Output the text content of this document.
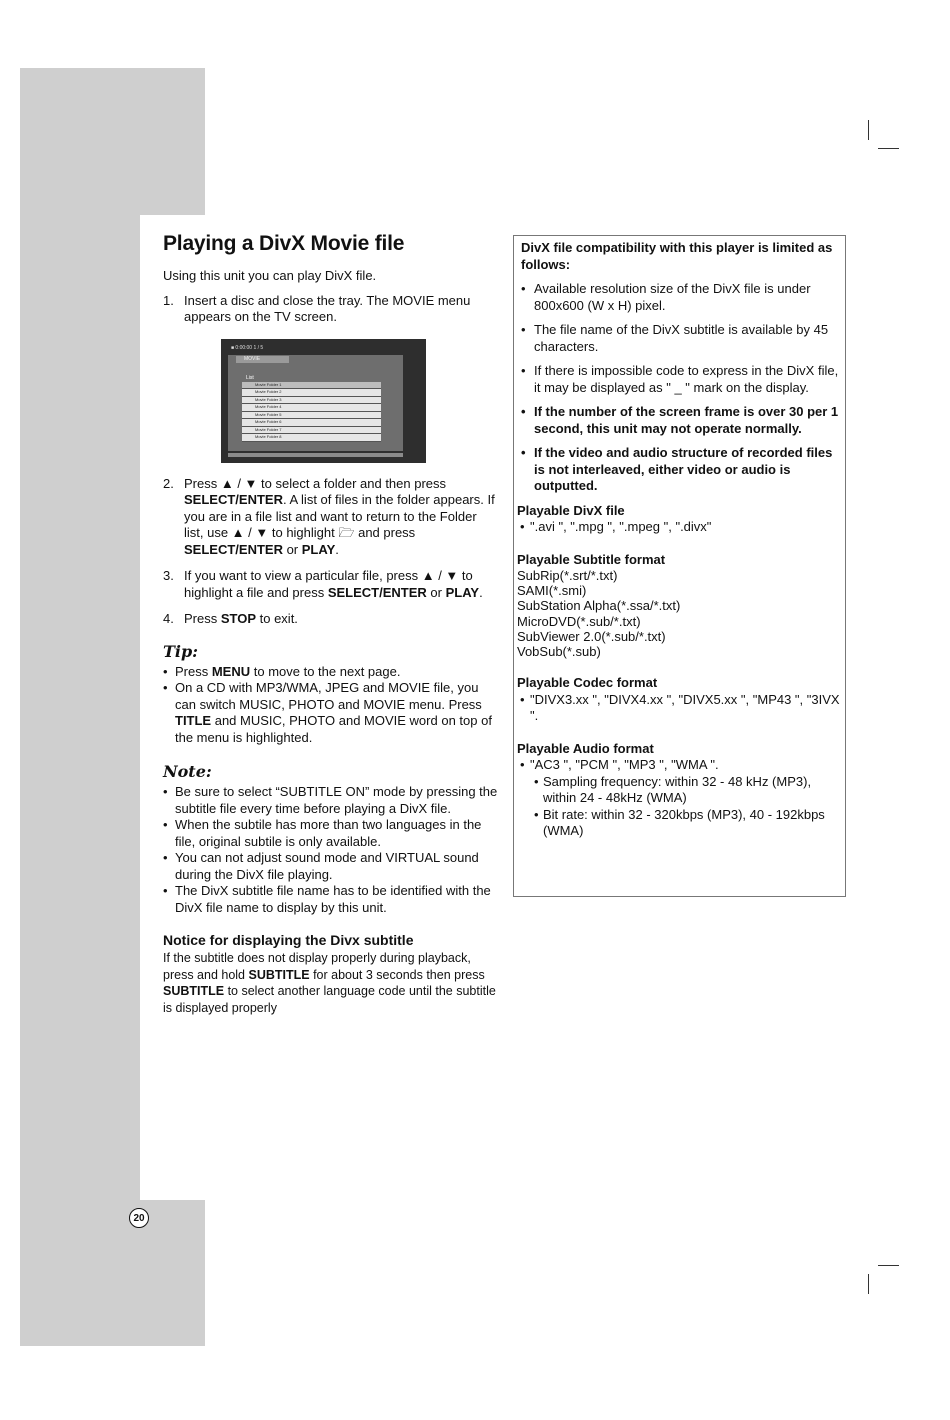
20
Playing a DivX Movie file

Using this unit you can play DivX file.

1. Insert a disc and close the tray. The MOVIE menu appears on the TV screen.
■ 0:00:00 1 / 5
MOVIE
List
Movie Folder 1
Movie Folder 2
Movie Folder 3
Movie Folder 4
Movie Folder 5
Movie Folder 6
Movie Folder 7
Movie Folder 8
2. Press ▲ / ▼ to select a folder and then press SELECT/ENTER. A list of files in the folder appears. If you are in a file list and want to return to the Folder list, use ▲ / ▼ to highlight 🗁 and press SELECT/ENTER or PLAY.
3. If you want to view a particular file, press ▲ / ▼ to highlight a file and press SELECT/ENTER or PLAY.
4. Press STOP to exit.
Tip:
• Press MENU to move to the next page.
• On a CD with MP3/WMA, JPEG and MOVIE file, you can switch MUSIC, PHOTO and MOVIE menu. Press TITLE and MUSIC, PHOTO and MOVIE word on top of the menu is highlighted.
Note:
• Be sure to select “SUBTITLE ON” mode by pressing the subtitle file every time before playing a DivX file.
• When the subtile has more than two languages in the file, original subtile is only available.
• You can not adjust sound mode and VIRTUAL sound during the DivX file playing.
• The DivX subtitle file name has to be identified with the DivX file name to display by this unit.
Notice for displaying the Divx subtitle

If the subtitle does not display properly during playback, press and hold SUBTITLE for about 3 seconds then press SUBTITLE to select another language code until the subtitle is displayed properly

DivX file compatibility with this player is limited as follows:
• Available resolution size of the DivX file is under 800x600 (W x H) pixel.
• The file name of the DivX subtitle is available by 45 characters.
• If there is impossible code to express in the DivX file, it may be displayed as " _ " mark on the display.
• If the number of the screen frame is over 30 per 1 second, this unit may not operate normally.
• If the video and audio structure of recorded files is not interleaved, either video or audio is outputted.
Playable DivX file
• ".avi ", ".mpg ", ".mpeg ", ".divx"
Playable Subtitle format
SubRip(*.srt/*.txt)
SAMI(*.smi)
SubStation Alpha(*.ssa/*.txt)
MicroDVD(*.sub/*.txt)
SubViewer 2.0(*.sub/*.txt)
VobSub(*.sub)
Playable Codec format
• "DIVX3.xx ", "DIVX4.xx ", "DIVX5.xx ", "MP43 ", "3IVX ".
Playable Audio format
• "AC3 ", "PCM ", "MP3 ", "WMA ".
• Sampling frequency: within 32 - 48 kHz (MP3), within 24 - 48kHz (WMA)
• Bit rate: within 32 - 320kbps (MP3), 40 - 192kbps (WMA)
